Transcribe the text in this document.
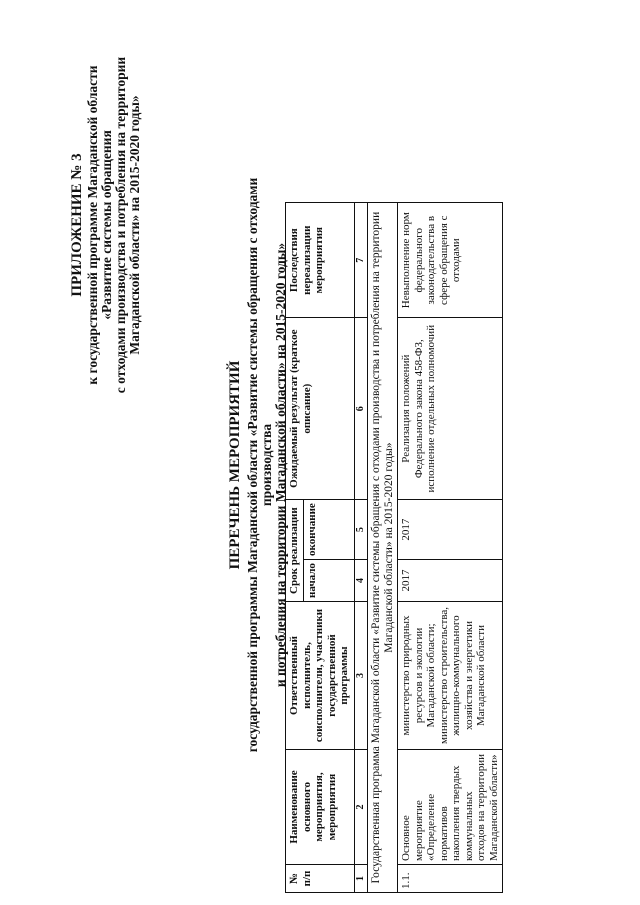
ПРИЛОЖЕНИЕ № 3 к государственной программе Магаданской области «Развитие системы обращения с отходами производства и потребления на территории Магаданской области» на 2015-2020 годы»
ПЕРЕЧЕНЬ МЕРОПРИЯТИЙ государственной программы Магаданской области «Развитие системы обращения с отходами производства и потребления на территории Магаданской области» на 2015-2020 годы»
№ п/п	Наименование основного мероприятия, мероприятия	Ответственный исполнитель, соисполнители, участники государственной программы	Срок реализации		Ожидаемый результат (краткое описание)	Последствия нереализации мероприятия
			начало	окончание		
1	2	3	4	5	6	7
Государственная программа Магаданской области «Развитие системы обращения с отходами производства и потребления на территории Магаданской области» на 2015-2020 годы»						
1.1.	Основное мероприятие «Определение нормативов накопления твердых коммунальных отходов на территории Магаданской области»	министерство природных ресурсов и экологии Магаданской области; министерство строительства, жилищно-коммунального хозяйства и энергетики Магаданской области	2017	2017	Реализация положений Федерального закона 458-ФЗ, исполнение отдельных полномочий	Невыполнение норм федерального законодательства в сфере обращения с отходами
